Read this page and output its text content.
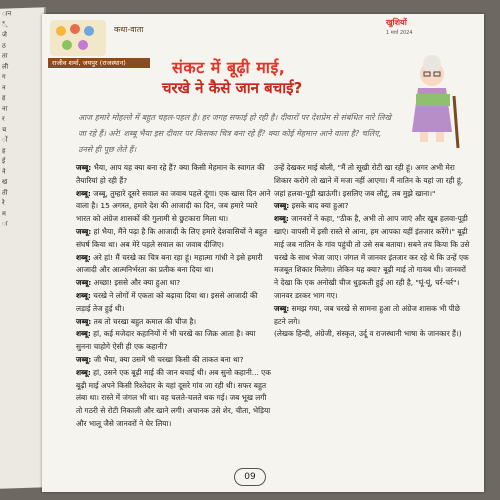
ान
ैं,
जे
ठ
ता
ली
ग
न
ह
ना
र
च
ों
ह
ई
ने
ख
ती
रे
म
ा
कथा-वाता
राजीव शर्मा, जयपुर (राजस्थान)	संकट में बूढ़ी माई,
चरखे ने कैसे जान बचाई?
खुशियों
1 मार्च 2024
आज हमारे मोहल्ले में बहुत चहल-पहल है। हर जगह सफाई हो रही है। दीवारों पर देशप्रेम से संबंधित नारे लिखे जा रहे हैं। अरे! शब्बू भैया इस दीवार पर किसका चित्र बना रहे हैं? क्या कोई मेहमान आने वाला है? चलिए, उनसे ही पूछ लेते हैं।

जब्बू: भैया, आप यह क्या बना रहे हैं? क्या किसी मेहमान के स्वागत की तैयारियां हो रही हैं?

शब्बू: जब्बू, तुम्हारे दूसरे सवाल का जवाब पहले दूंगा। एक खास दिन आने वाला है। 15 अगस्त, हमारे देश की आजादी का दिन, जब हमारे प्यारे भारत को अंग्रेज शासकों की गुलामी से छुटकारा मिला था।

जब्बू: हां भैया, मैंने पढ़ा है कि आजादी के लिए हमारे देशवासियों ने बहुत संघर्ष किया था। अब मेरे पहले सवाल का जवाब दीजिए।

शब्बू: अरे हां! मैं चरखे का चित्र बना रहा हूं। महात्मा गांधी ने इसे हमारी आजादी और आत्मनिर्भरता का प्रतीक बना दिया था।

जब्बू: अच्छा! इससे और क्या हुआ था?

शब्बू: चरखे ने लोगों में एकता को बढ़ावा दिया था। इससे आजादी की लड़ाई तेज हुई थी।

जब्बू: तब तो चरखा बहुत कमाल की चीज है।

शब्बू: हां, कई मजेदार कहानियों में भी चरखे का जिक्र आता है। क्या सुनना चाहोगे ऐसी ही एक कहानी?

जब्बू: जी भैया, क्या उसमें भी चरखा किसी की ताकत बना था?

शब्बू: हां, उसने एक बूढ़ी माई की जान बचाई थी। अब सुनो कहानी... एक बूढ़ी माई अपने किसी रिश्तेदार के यहां दूसरे गांव जा रही थी। सफर बहुत लंबा था। रास्ते में जंगल भी था। वह चलते-चलते थक गई। जब भूख लगी तो गठरी से रोटी निकाली और खाने लगी। अचानक उसे शेर, चीता, भेड़िया और भालू जैसे जानवरों ने घेर लिया।

उन्हें देखकर माई बोली, "मैं तो सूखी रोटी खा रही हूं। अगर अभी मेरा शिकार करोगे तो खाने में मजा नहीं आएगा। मैं नातिन के यहां जा रही हूं, जहां हलवा-पूड़ी खाऊंगी। इसलिए जब लौटूं, तब मुझे खाना।"

जब्बू: इसके बाद क्या हुआ?

शब्बू: जानवरों ने कहा, "ठीक है, अभी तो आप जाएं और खूब हलवा-पूड़ी खाएं। वापसी में इसी रास्ते से आना, हम आपका यहीं इंतजार करेंगे।" बूढ़ी माई जब नातिन के गांव पहुंची तो उसे सब बताया। सबने तय किया कि उसे चरखे के साथ भेजा जाए। जंगल में जानवर इंतजार कर रहे थे कि उन्हें एक मजबूत शिकार मिलेगा। लेकिन यह क्या? बूढ़ी माई तो गायब थी। जानवरों ने देखा कि एक अनोखी चीज धुड़कती हुई आ रही है, "घूं-घूं, चर्र-चर्र"। जानवर डरकर भाग गए।

जब्बू: समझ गया, जब चरखे से सामना हुआ तो अंग्रेज शासक भी पीछे हटने लगे।

(लेखक हिन्दी, अंग्रेजी, संस्कृत, उर्दू व राजस्थानी भाषा के जानकार हैं।)

09
